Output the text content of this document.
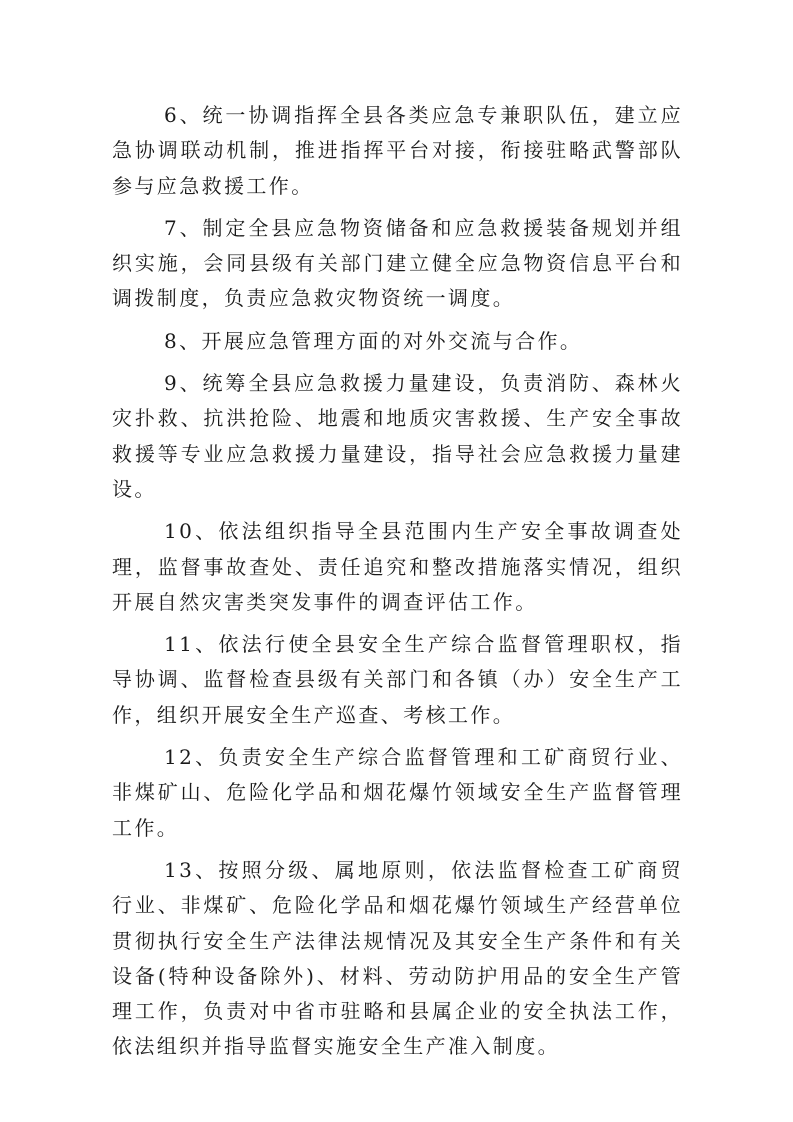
6、统一协调指挥全县各类应急专兼职队伍，建立应急协调联动机制，推进指挥平台对接，衔接驻略武警部队参与应急救援工作。

7、制定全县应急物资储备和应急救援装备规划并组织实施，会同县级有关部门建立健全应急物资信息平台和调拨制度，负责应急救灾物资统一调度。

8、开展应急管理方面的对外交流与合作。

9、统筹全县应急救援力量建设，负责消防、森林火灾扑救、抗洪抢险、地震和地质灾害救援、生产安全事故救援等专业应急救援力量建设，指导社会应急救援力量建设。

10、依法组织指导全县范围内生产安全事故调查处理，监督事故查处、责任追究和整改措施落实情况，组织开展自然灾害类突发事件的调查评估工作。

11、依法行使全县安全生产综合监督管理职权，指导协调、监督检查县级有关部门和各镇（办）安全生产工作，组织开展安全生产巡查、考核工作。

12、负责安全生产综合监督管理和工矿商贸行业、非煤矿山、危险化学品和烟花爆竹领域安全生产监督管理工作。

13、按照分级、属地原则，依法监督检查工矿商贸行业、非煤矿、危险化学品和烟花爆竹领域生产经营单位贯彻执行安全生产法律法规情况及其安全生产条件和有关设备(特种设备除外)、材料、劳动防护用品的安全生产管理工作，负责对中省市驻略和县属企业的安全执法工作，依法组织并指导监督实施安全生产准入制度。
